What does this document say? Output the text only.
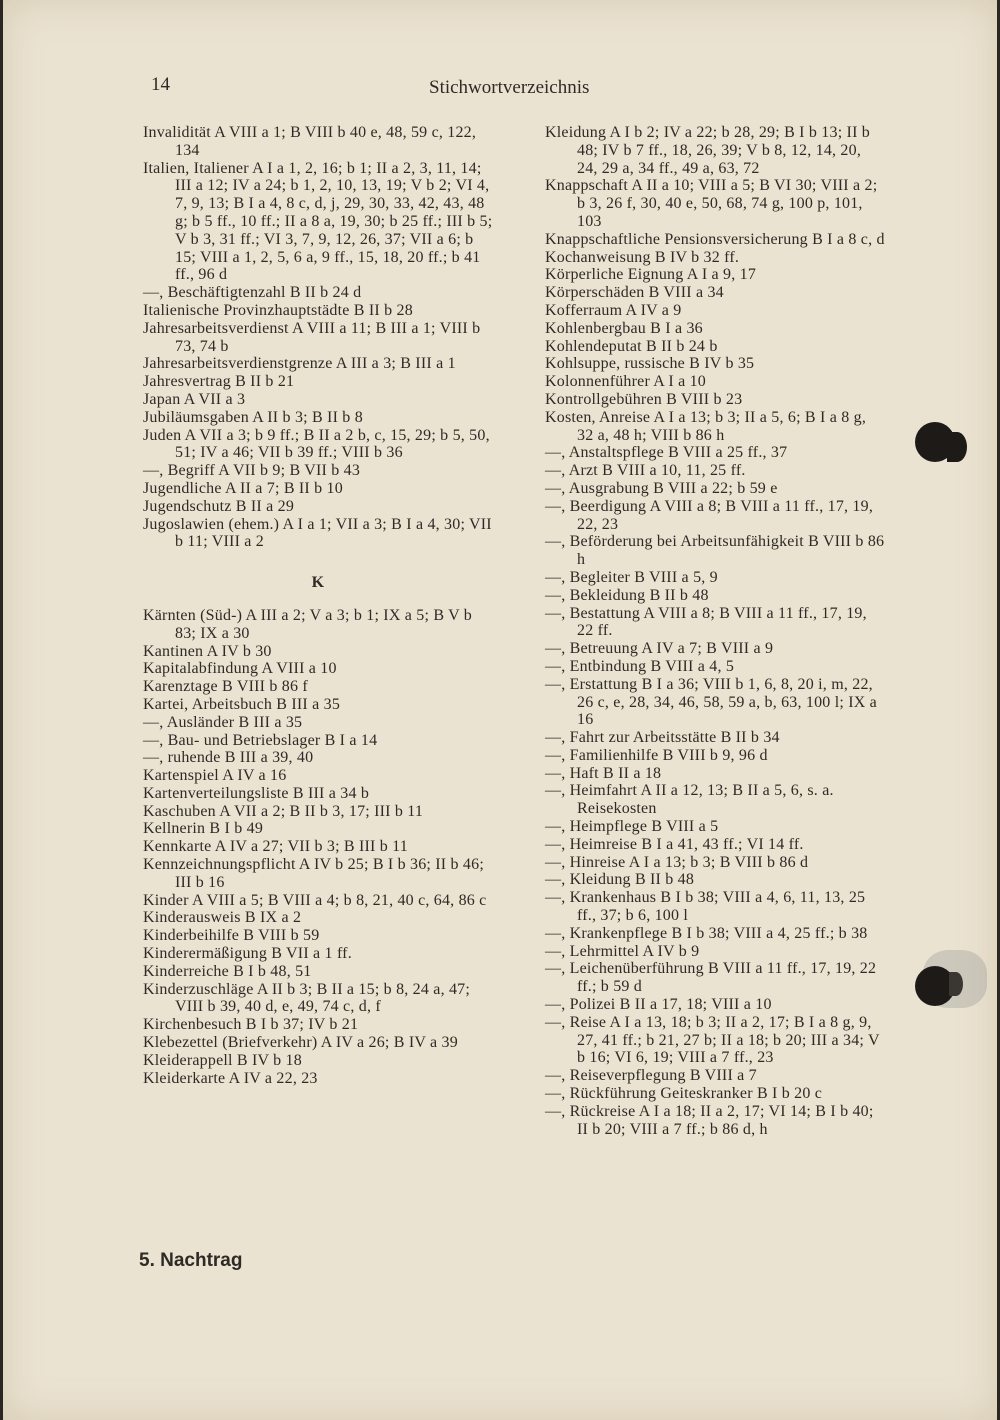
14	Stichwortverzeichnis
Invalidität A VIII a 1; B VIII b 40 e, 48, 59 c, 122, 134
Italien, Italiener A I a 1, 2, 16; b 1; II a 2, 3, 11, 14; III a 12; IV a 24; b 1, 2, 10, 13, 19; V b 2; VI 4, 7, 9, 13; B I a 4, 8 c, d, j, 29, 30, 33, 42, 43, 48 g; b 5 ff., 10 ff.; II a 8 a, 19, 30; b 25 ff.; III b 5; V b 3, 31 ff.; VI 3, 7, 9, 12, 26, 37; VII a 6; b 15; VIII a 1, 2, 5, 6 a, 9 ff., 15, 18, 20 ff.; b 41 ff., 96 d
—, Beschäftigtenzahl B II b 24 d
Italienische Provinzhauptstädte B II b 28
Jahresarbeitsverdienst A VIII a 11; B III a 1; VIII b 73, 74 b
Jahresarbeitsverdienstgrenze A III a 3; B III a 1
Jahresvertrag B II b 21
Japan A VII a 3
Jubiläumsgaben A II b 3; B II b 8
Juden A VII a 3; b 9 ff.; B II a 2 b, c, 15, 29; b 5, 50, 51; IV a 46; VII b 39 ff.; VIII b 36
—, Begriff A VII b 9; B VII b 43
Jugendliche A II a 7; B II b 10
Jugendschutz B II a 29
Jugoslawien (ehem.) A I a 1; VII a 3; B I a 4, 30; VII b 11; VIII a 2
K
Kärnten (Süd-) A III a 2; V a 3; b 1; IX a 5; B V b 83; IX a 30
Kantinen A IV b 30
Kapitalabfindung A VIII a 10
Karenztage B VIII b 86 f
Kartei, Arbeitsbuch B III a 35
—, Ausländer B III a 35
—, Bau- und Betriebslager B I a 14
—, ruhende B III a 39, 40
Kartenspiel A IV a 16
Kartenverteilungsliste B III a 34 b
Kaschuben A VII a 2; B II b 3, 17; III b 11
Kellnerin B I b 49
Kennkarte A IV a 27; VII b 3; B III b 11
Kennzeichnungspflicht A IV b 25; B I b 36; II b 46; III b 16
Kinder A VIII a 5; B VIII a 4; b 8, 21, 40 c, 64, 86 c
Kinderausweis B IX a 2
Kinderbeihilfe B VIII b 59
Kinderermäßigung B VII a 1 ff.
Kinderreiche B I b 48, 51
Kinderzuschläge A II b 3; B II a 15; b 8, 24 a, 47; VIII b 39, 40 d, e, 49, 74 c, d, f
Kirchenbesuch B I b 37; IV b 21
Klebezettel (Briefverkehr) A IV a 26; B IV a 39
Kleiderappell B IV b 18
Kleiderkarte A IV a 22, 23
Kleidung A I b 2; IV a 22; b 28, 29; B I b 13; II b 48; IV b 7 ff., 18, 26, 39; V b 8, 12, 14, 20, 24, 29 a, 34 ff., 49 a, 63, 72
Knappschaft A II a 10; VIII a 5; B VI 30; VIII a 2; b 3, 26 f, 30, 40 e, 50, 68, 74 g, 100 p, 101, 103
Knappschaftliche Pensionsversicherung B I a 8 c, d
Kochanweisung B IV b 32 ff.
Körperliche Eignung A I a 9, 17
Körperschäden B VIII a 34
Kofferraum A IV a 9
Kohlenbergbau B I a 36
Kohlendeputat B II b 24 b
Kohlsuppe, russische B IV b 35
Kolonnenführer A I a 10
Kontrollgebühren B VIII b 23
Kosten, Anreise A I a 13; b 3; II a 5, 6; B I a 8 g, 32 a, 48 h; VIII b 86 h
—, Anstaltspflege B VIII a 25 ff., 37
—, Arzt B VIII a 10, 11, 25 ff.
—, Ausgrabung B VIII a 22; b 59 e
—, Beerdigung A VIII a 8; B VIII a 11 ff., 17, 19, 22, 23
—, Beförderung bei Arbeitsunfähigkeit B VIII b 86 h
—, Begleiter B VIII a 5, 9
—, Bekleidung B II b 48
—, Bestattung A VIII a 8; B VIII a 11 ff., 17, 19, 22 ff.
—, Betreuung A IV a 7; B VIII a 9
—, Entbindung B VIII a 4, 5
—, Erstattung B I a 36; VIII b 1, 6, 8, 20 i, m, 22, 26 c, e, 28, 34, 46, 58, 59 a, b, 63, 100 l; IX a 16
—, Fahrt zur Arbeitsstätte B II b 34
—, Familienhilfe B VIII b 9, 96 d
—, Haft B II a 18
—, Heimfahrt A II a 12, 13; B II a 5, 6, s. a. Reisekosten
—, Heimpflege B VIII a 5
—, Heimreise B I a 41, 43 ff.; VI 14 ff.
—, Hinreise A I a 13; b 3; B VIII b 86 d
—, Kleidung B II b 48
—, Krankenhaus B I b 38; VIII a 4, 6, 11, 13, 25 ff., 37; b 6, 100 l
—, Krankenpflege B I b 38; VIII a 4, 25 ff.; b 38
—, Lehrmittel A IV b 9
—, Leichenüberführung B VIII a 11 ff., 17, 19, 22 ff.; b 59 d
—, Polizei B II a 17, 18; VIII a 10
—, Reise A I a 13, 18; b 3; II a 2, 17; B I a 8 g, 9, 27, 41 ff.; b 21, 27 b; II a 18; b 20; III a 34; V b 16; VI 6, 19; VIII a 7 ff., 23
—, Reiseverpflegung B VIII a 7
—, Rückführung Geiteskranker B I b 20 c
—, Rückreise A I a 18; II a 2, 17; VI 14; B I b 40; II b 20; VIII a 7 ff.; b 86 d, h
5. Nachtrag
